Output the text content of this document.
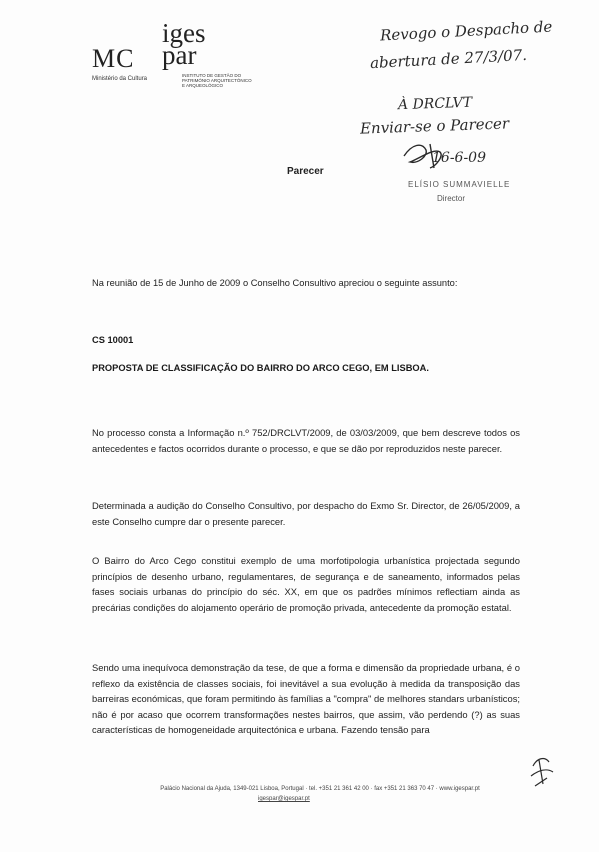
MC
Ministério da Cultura
iges
par
INSTITUTO DE GESTÃO DO PATRIMÓNIO ARQUITECTÓNICO E ARQUEOLÓGICO
Revogo o Despacho de
abertura de 27/3/07.
À DRCLVT
Enviar-se o Parecer
16-6-09
ELÍSIO SUMMAVIELLE
Director
Parecer
Na reunião de 15 de Junho de 2009 o Conselho Consultivo apreciou o seguinte assunto:
CS 10001
PROPOSTA DE CLASSIFICAÇÃO DO BAIRRO DO ARCO CEGO, EM LISBOA.
No processo consta a Informação n.º 752/DRCLVT/2009, de 03/03/2009, que bem descreve todos os antecedentes e factos ocorridos durante o processo, e que se dão por reproduzidos neste parecer.
Determinada a audição do Conselho Consultivo, por despacho do Exmo Sr. Director, de 26/05/2009, a este Conselho cumpre dar o presente parecer.
O Bairro do Arco Cego constitui exemplo de uma morfotipologia urbanística projectada segundo princípios de desenho urbano, regulamentares, de segurança e de saneamento, informados pelas fases sociais urbanas do princípio do séc. XX, em que os padrões mínimos reflectiam ainda as precárias condições do alojamento operário de promoção privada, antecedente da promoção estatal.
Sendo uma inequívoca demonstração da tese, de que a forma e dimensão da propriedade urbana, é o reflexo da existência de classes sociais, foi inevitável a sua evolução à medida da transposição das barreiras económicas, que foram permitindo às famílias a "compra" de melhores standars urbanísticos; não é por acaso que ocorrem transformações nestes bairros, que assim, vão perdendo (?) as suas características de homogeneidade arquitectónica e urbana. Fazendo tensão para
Palácio Nacional da Ajuda, 1349-021 Lisboa, Portugal · tel. +351 21 361 42 00 · fax +351 21 363 70 47 · www.igespar.pt
igespar@igespar.pt
